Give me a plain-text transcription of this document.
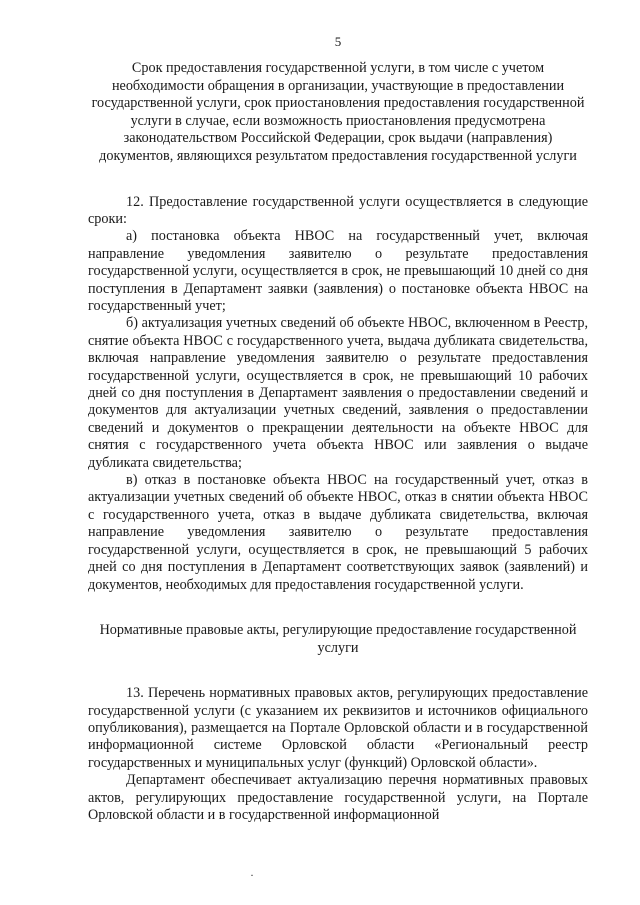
5

Срок предоставления государственной услуги, в том числе с учетом необходимости обращения в организации, участвующие в предоставлении государственной услуги, срок приостановления предоставления государственной услуги в случае, если возможность приостановления предусмотрена законодательством Российской Федерации, срок выдачи (направления) документов, являющихся результатом предоставления государственной услуги

12. Предоставление государственной услуги осуществляется в следующие сроки:

а) постановка объекта НВОС на государственный учет, включая направление уведомления заявителю о результате предоставления государственной услуги, осуществляется в срок, не превышающий 10 дней со дня поступления в Департамент заявки (заявления) о постановке объекта НВОС на государственный учет;

б) актуализация учетных сведений об объекте НВОС, включенном в Реестр, снятие объекта НВОС с государственного учета, выдача дубликата свидетельства, включая направление уведомления заявителю о результате предоставления государственной услуги, осуществляется в срок, не превышающий 10 рабочих дней со дня поступления в Департамент заявления о предоставлении сведений и документов для актуализации учетных сведений, заявления о предоставлении сведений и документов о прекращении деятельности на объекте НВОС для снятия с государственного учета объекта НВОС или заявления о выдаче дубликата свидетельства;

в) отказ в постановке объекта НВОС на государственный учет, отказ в актуализации учетных сведений об объекте НВОС, отказ в снятии объекта НВОС с государственного учета, отказ в выдаче дубликата свидетельства, включая направление уведомления заявителю о результате предоставления государственной услуги, осуществляется в срок, не превышающий 5 рабочих дней со дня поступления в Департамент соответствующих заявок (заявлений) и документов, необходимых для предоставления государственной услуги.

Нормативные правовые акты, регулирующие предоставление государственной услуги

13. Перечень нормативных правовых актов, регулирующих предоставление государственной услуги (с указанием их реквизитов и источников официального опубликования), размещается на Портале Орловской области и в государственной информационной системе Орловской области «Региональный реестр государственных и муниципальных услуг (функций) Орловской области».

Департамент обеспечивает актуализацию перечня нормативных правовых актов, регулирующих предоставление государственной услуги, на Портале Орловской области и в государственной информационной

·
